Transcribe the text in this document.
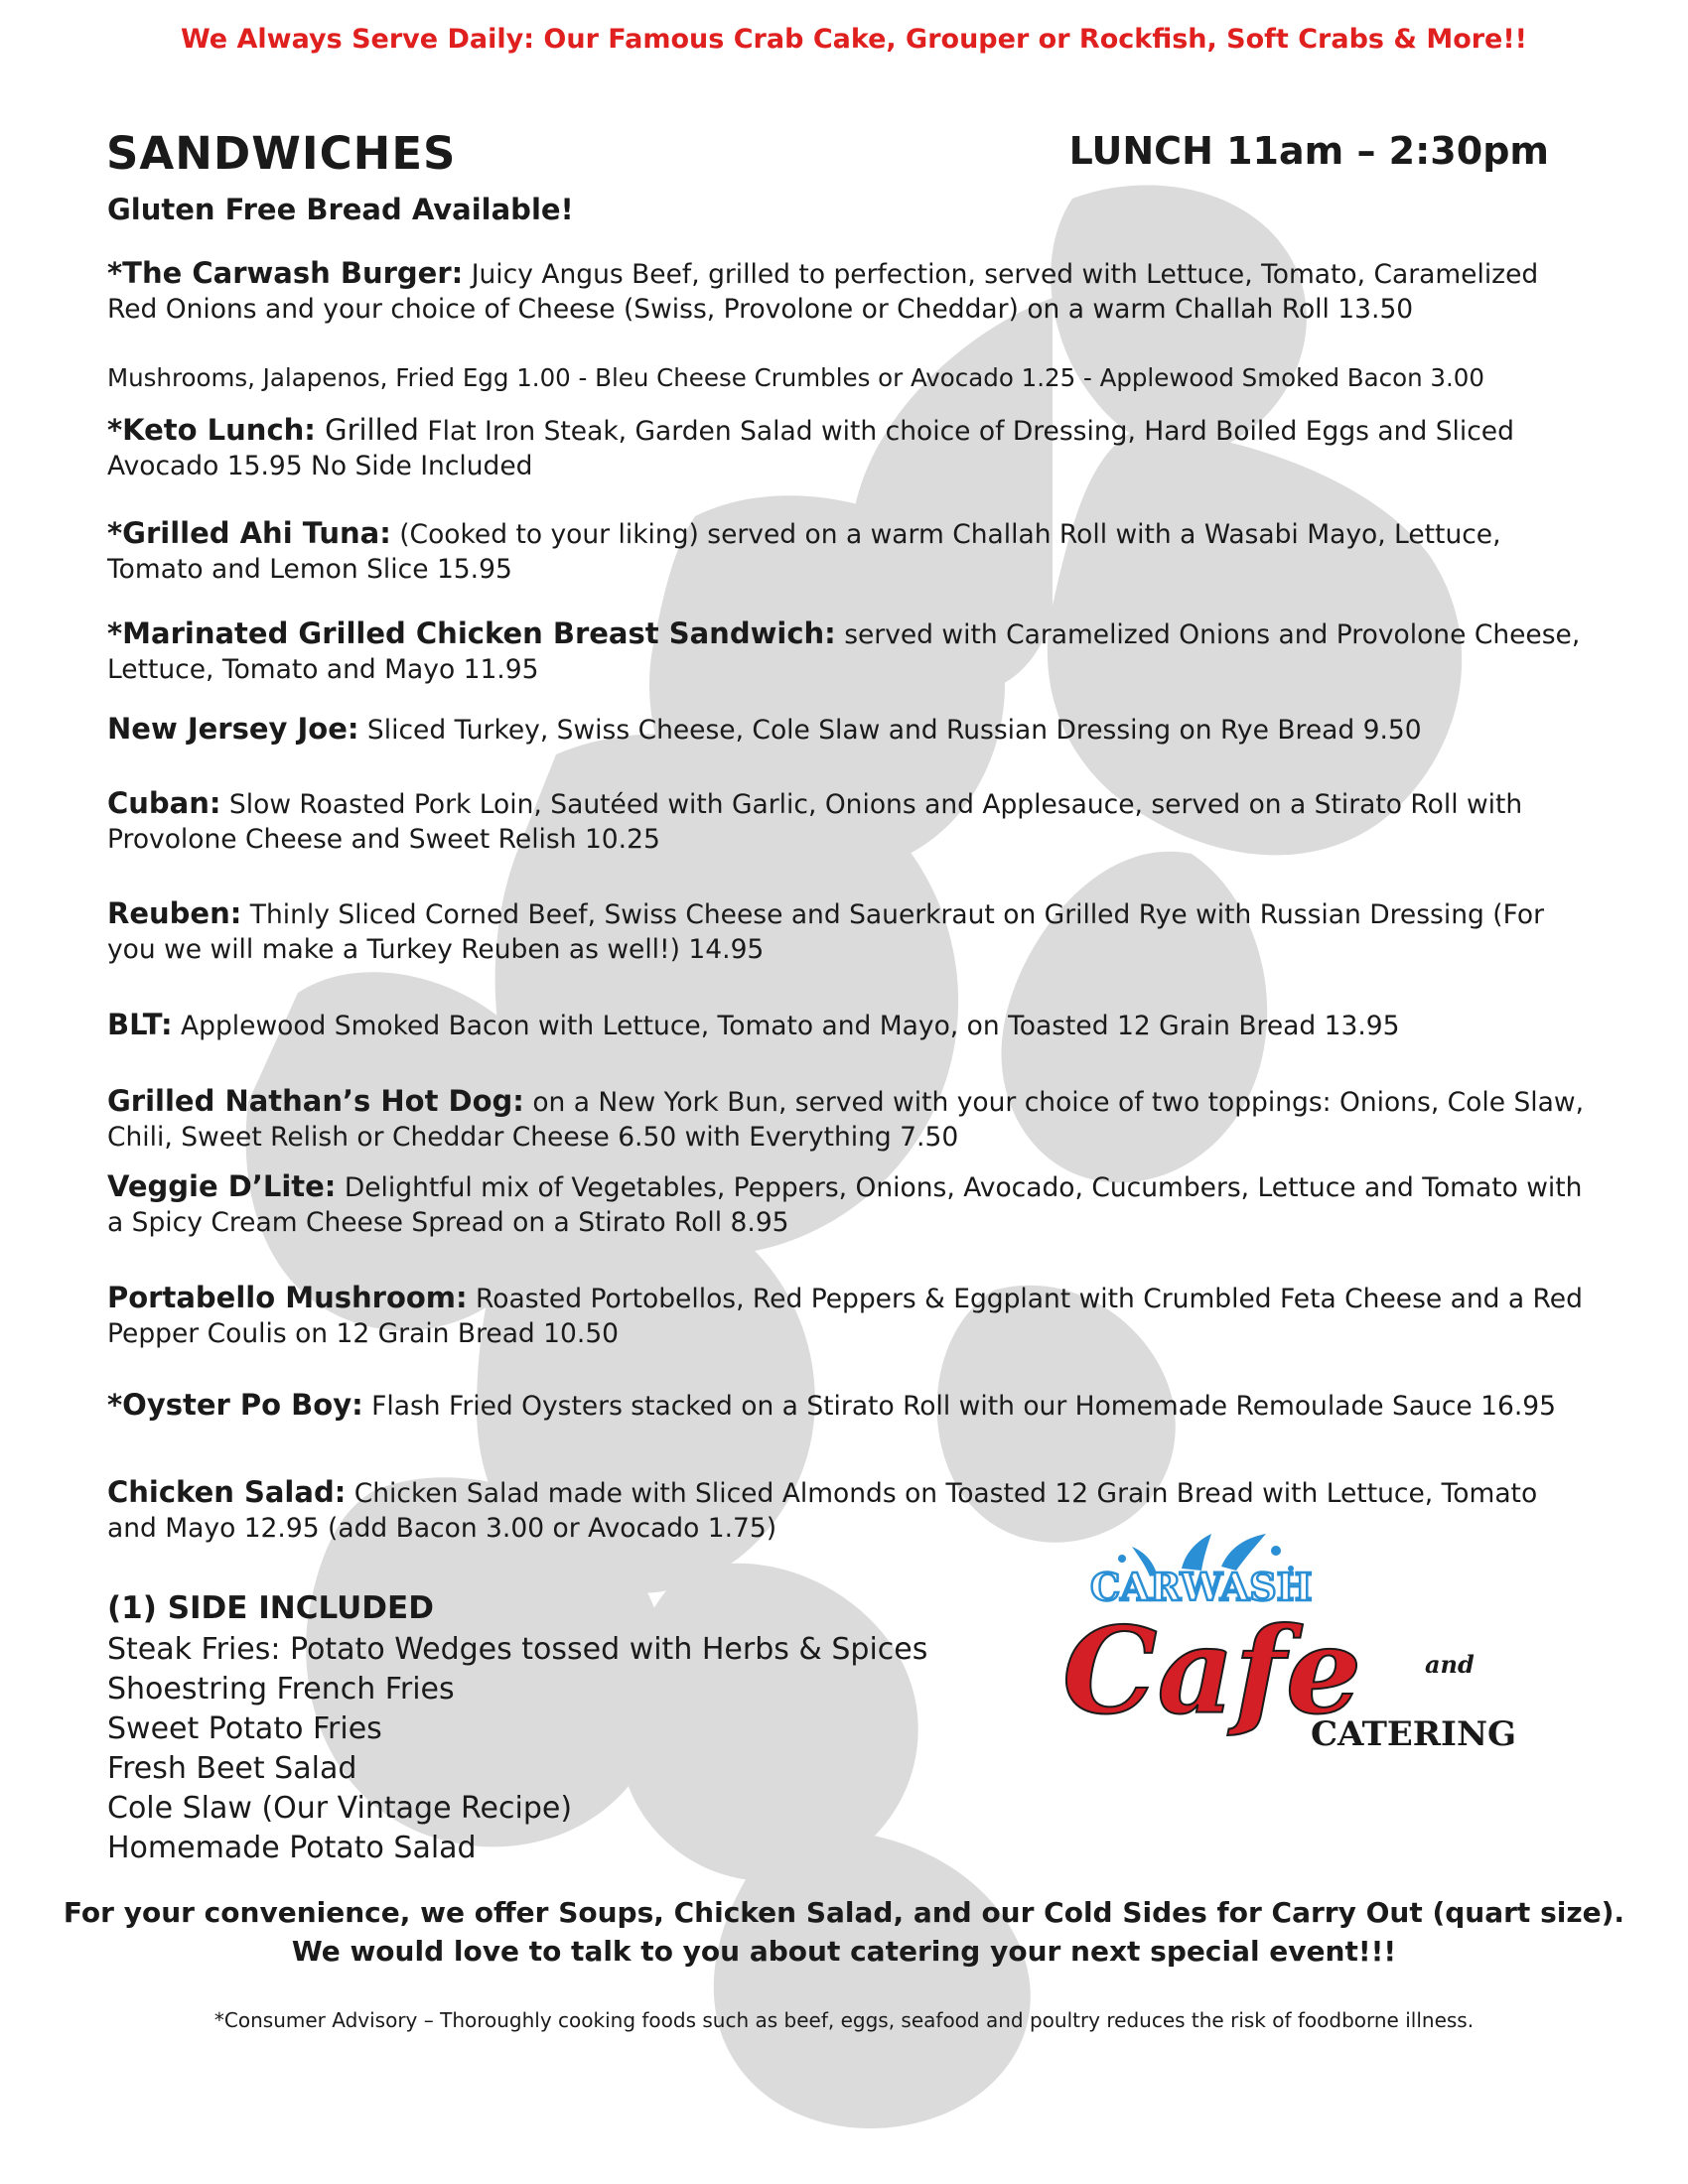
We Always Serve Daily: Our Famous Crab Cake, Grouper or Rockfish, Soft Crabs & More!!
SANDWICHES
Gluten Free Bread Available!
LUNCH 11am – 2:30pm

*The Carwash Burger: Juicy Angus Beef, grilled to perfection, served with Lettuce, Tomato, Caramelized Red Onions and your choice of Cheese (Swiss, Provolone or Cheddar) on a warm Challah Roll 13.50

Mushrooms, Jalapenos, Fried Egg 1.00 - Bleu Cheese Crumbles or Avocado 1.25 - Applewood Smoked Bacon 3.00

*Keto Lunch: Grilled Flat Iron Steak, Garden Salad with choice of Dressing, Hard Boiled Eggs and Sliced Avocado 15.95 No Side Included

*Grilled Ahi Tuna: (Cooked to your liking) served on a warm Challah Roll with a Wasabi Mayo, Lettuce, Tomato and Lemon Slice 15.95

*Marinated Grilled Chicken Breast Sandwich: served with Caramelized Onions and Provolone Cheese, Lettuce, Tomato and Mayo 11.95

New Jersey Joe: Sliced Turkey, Swiss Cheese, Cole Slaw and Russian Dressing on Rye Bread 9.50

Cuban: Slow Roasted Pork Loin, Sautéed with Garlic, Onions and Applesauce, served on a Stirato Roll with Provolone Cheese and Sweet Relish 10.25

Reuben: Thinly Sliced Corned Beef, Swiss Cheese and Sauerkraut on Grilled Rye with Russian Dressing (For you we will make a Turkey Reuben as well!) 14.95

BLT: Applewood Smoked Bacon with Lettuce, Tomato and Mayo, on Toasted 12 Grain Bread 13.95

Grilled Nathan’s Hot Dog: on a New York Bun, served with your choice of two toppings: Onions, Cole Slaw, Chili, Sweet Relish or Cheddar Cheese 6.50 with Everything 7.50

Veggie D’Lite: Delightful mix of Vegetables, Peppers, Onions, Avocado, Cucumbers, Lettuce and Tomato with a Spicy Cream Cheese Spread on a Stirato Roll 8.95

Portabello Mushroom: Roasted Portobellos, Red Peppers & Eggplant with Crumbled Feta Cheese and a Red Pepper Coulis on 12 Grain Bread 10.50

*Oyster Po Boy: Flash Fried Oysters stacked on a Stirato Roll with our Homemade Remoulade Sauce 16.95

Chicken Salad: Chicken Salad made with Sliced Almonds on Toasted 12 Grain Bread with Lettuce, Tomato and Mayo 12.95 (add Bacon 3.00 or Avocado 1.75)

(1) SIDE INCLUDED
Steak Fries: Potato Wedges tossed with Herbs & Spices
Shoestring French Fries
Sweet Potato Fries
Fresh Beet Salad
Cole Slaw (Our Vintage Recipe)
Homemade Potato Salad
CARWASH
Cafe	and
CATERING
For your convenience, we offer Soups, Chicken Salad, and our Cold Sides for Carry Out (quart size).
We would love to talk to you about catering your next special event!!!
*Consumer Advisory – Thoroughly cooking foods such as beef, eggs, seafood and poultry reduces the risk of foodborne illness.
